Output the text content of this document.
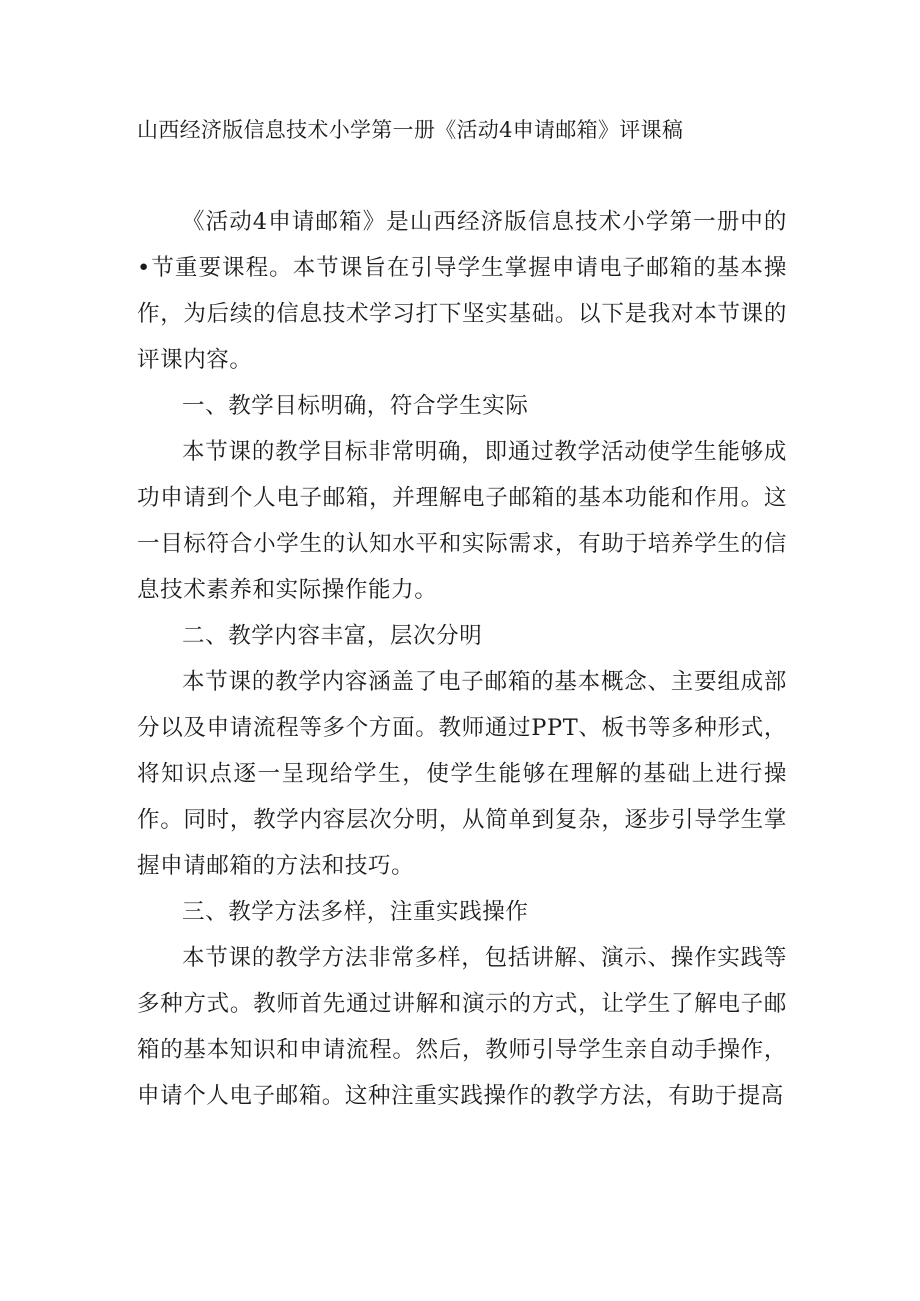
山西经济版信息技术小学第一册《活动4申请邮箱》评课稿

《活动4申请邮箱》是山西经济版信息技术小学第一册中的•节重要课程。本节课旨在引导学生掌握申请电子邮箱的基本操作，为后续的信息技术学习打下坚实基础。以下是我对本节课的评课内容。

一、教学目标明确，符合学生实际

本节课的教学目标非常明确，即通过教学活动使学生能够成功申请到个人电子邮箱，并理解电子邮箱的基本功能和作用。这一目标符合小学生的认知水平和实际需求，有助于培养学生的信息技术素养和实际操作能力。

二、教学内容丰富，层次分明

本节课的教学内容涵盖了电子邮箱的基本概念、主要组成部分以及申请流程等多个方面。教师通过PPT、板书等多种形式，将知识点逐一呈现给学生，使学生能够在理解的基础上进行操作。同时，教学内容层次分明，从简单到复杂，逐步引导学生掌握申请邮箱的方法和技巧。

三、教学方法多样，注重实践操作

本节课的教学方法非常多样，包括讲解、演示、操作实践等多种方式。教师首先通过讲解和演示的方式，让学生了解电子邮箱的基本知识和申请流程。然后，教师引导学生亲自动手操作，申请个人电子邮箱。这种注重实践操作的教学方法，有助于提高
